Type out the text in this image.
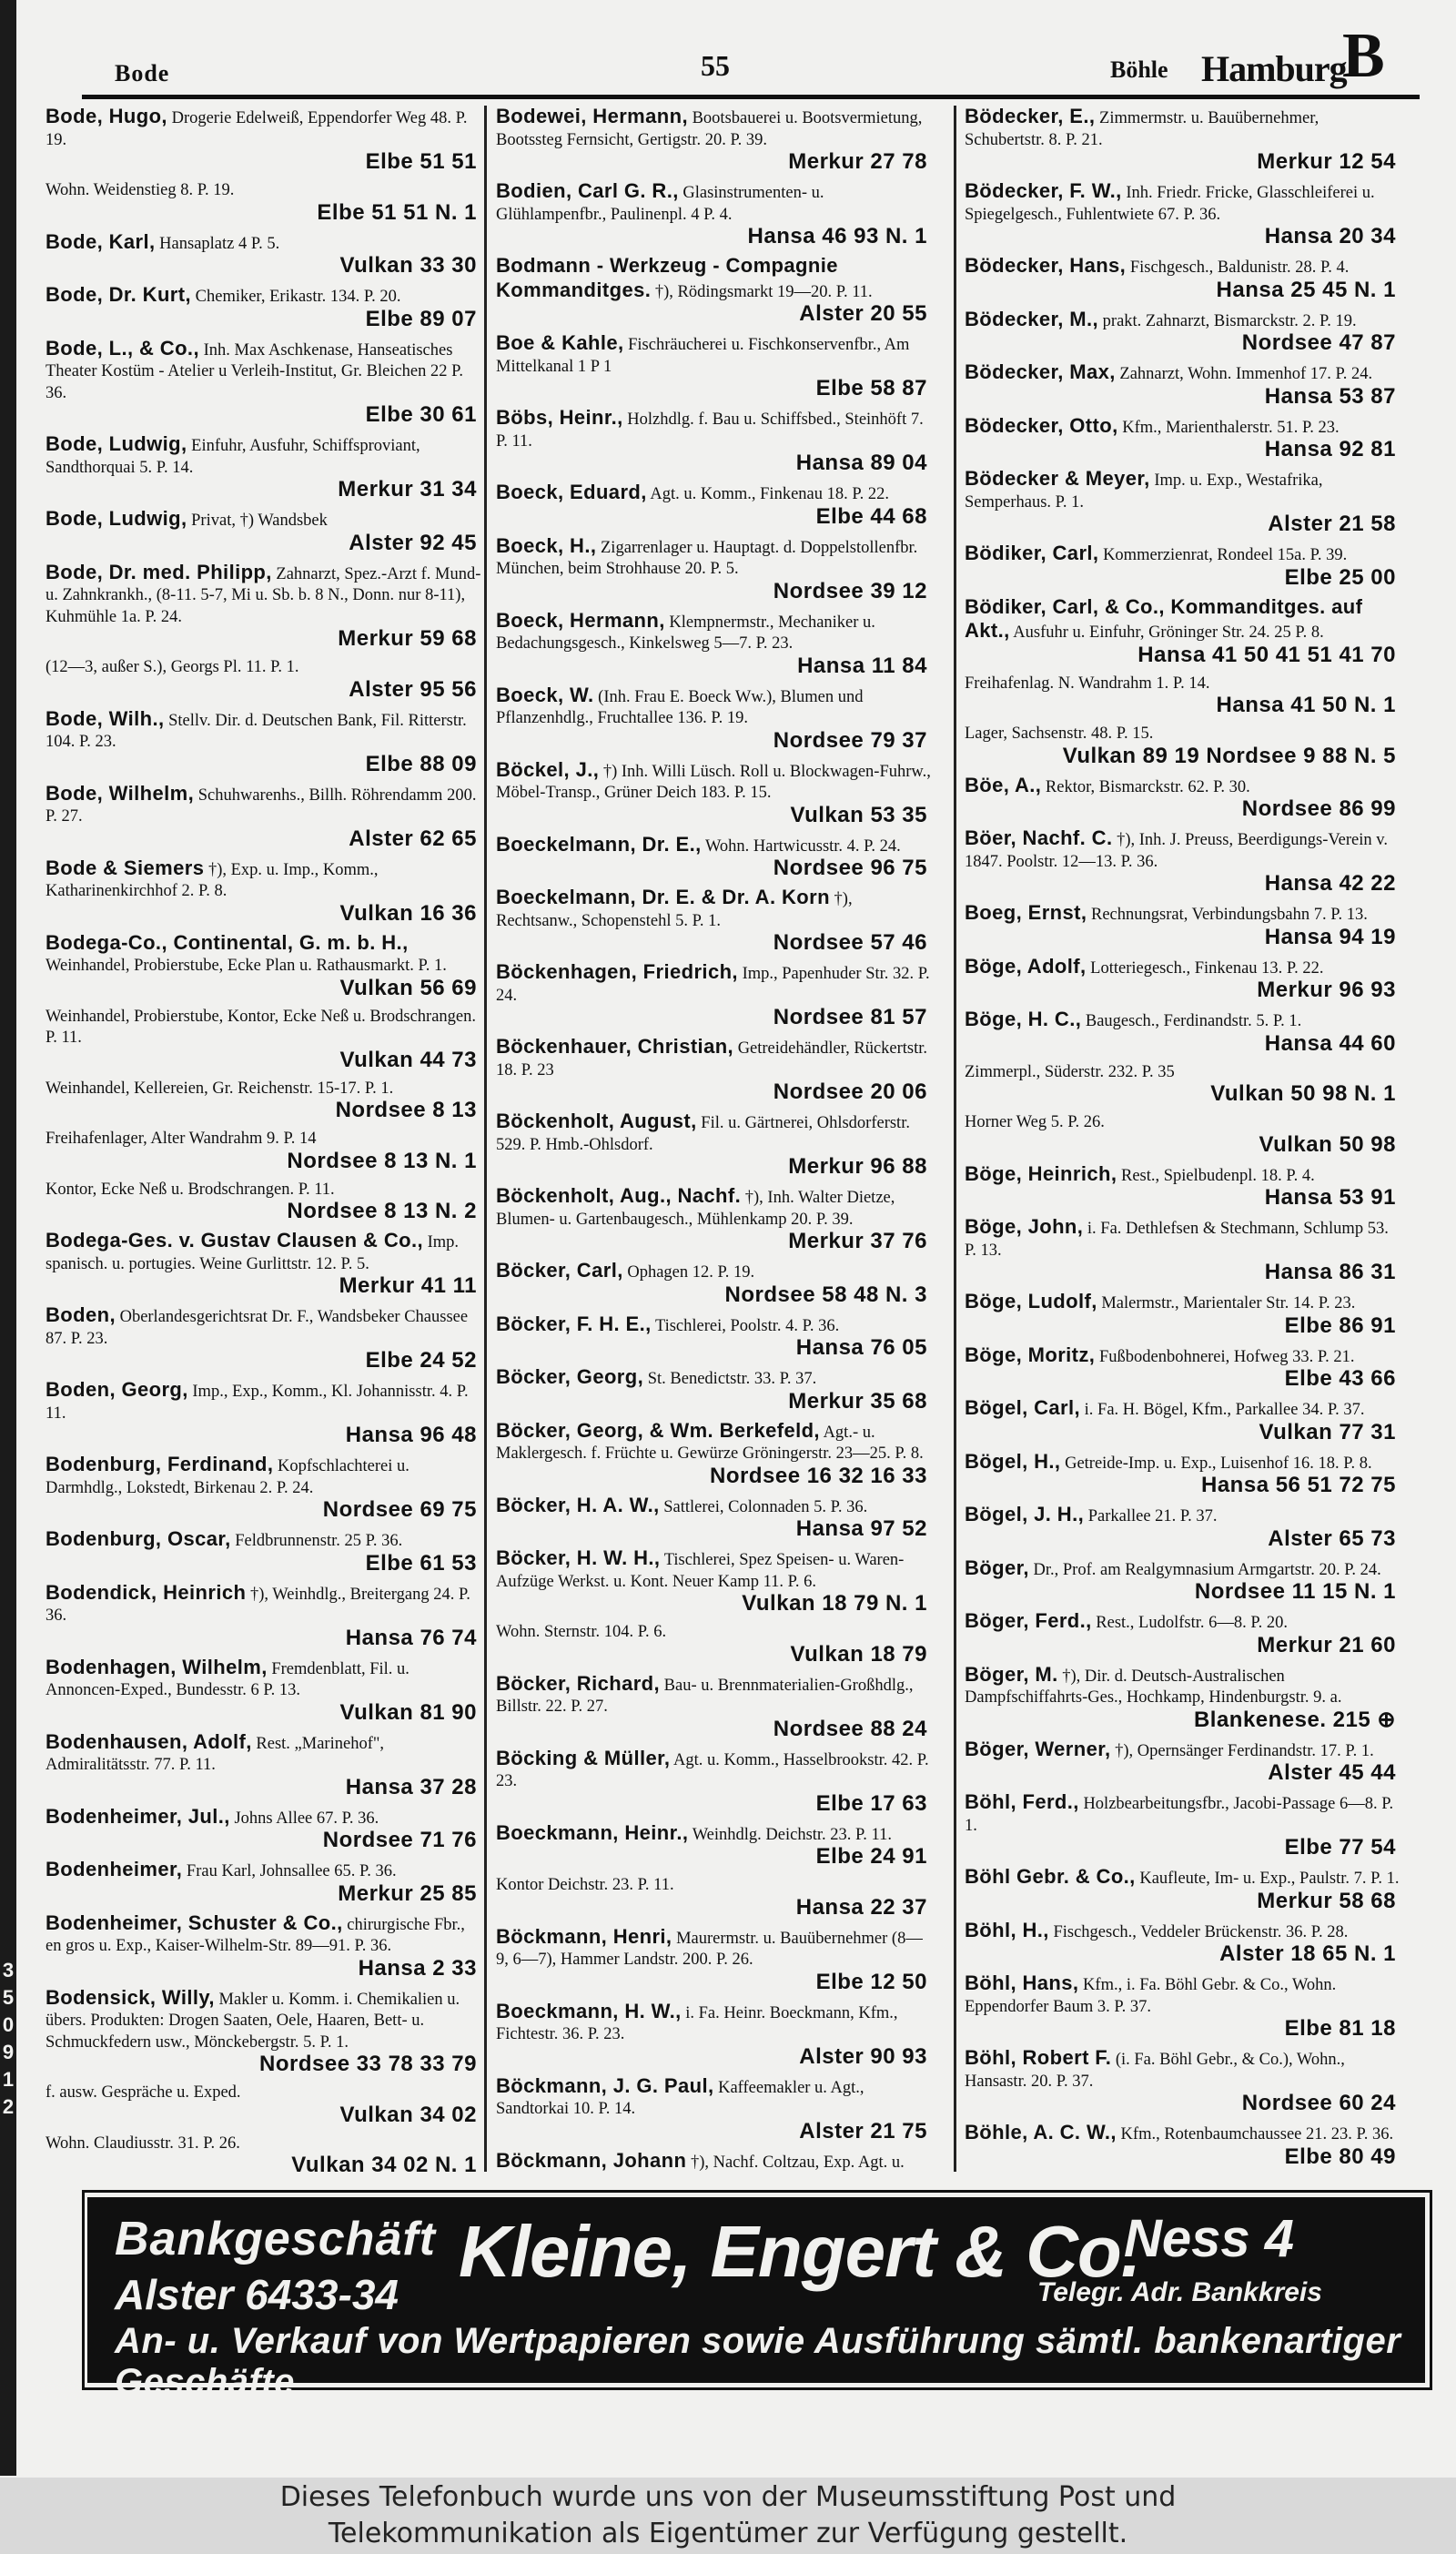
3
5
0
9
1
2
Bode	55	Böhle Hamburg
B
Bode, Hugo, Drogerie Edelweiß, Eppendorfer Weg 48. P. 19.
Elbe 51 51
Wohn. Weidenstieg 8. P. 19.
Elbe 51 51 N. 1
Bode, Karl, Hansaplatz 4 P. 5.
Vulkan 33 30
Bode, Dr. Kurt, Chemiker, Erikastr. 134. P. 20.
Elbe 89 07
Bode, L., & Co., Inh. Max Aschkenase, Hanseatisches Theater Kostüm - Atelier u Verleih-Institut, Gr. Bleichen 22 P. 36.
Elbe 30 61
Bode, Ludwig, Einfuhr, Ausfuhr, Schiffsproviant, Sandthorquai 5. P. 14.
Merkur 31 34
Bode, Ludwig, Privat, †) Wandsbek
Alster 92 45
Bode, Dr. med. Philipp, Zahnarzt, Spez.-Arzt f. Mund- u. Zahnkrankh., (8-11. 5-7, Mi u. Sb. b. 8 N., Donn. nur 8-11), Kuhmühle 1a. P. 24.
Merkur 59 68
(12—3, außer S.), Georgs Pl. 11. P. 1.
Alster 95 56
Bode, Wilh., Stellv. Dir. d. Deutschen Bank, Fil. Ritterstr. 104. P. 23.
Elbe 88 09
Bode, Wilhelm, Schuhwarenhs., Billh. Röhrendamm 200. P. 27.
Alster 62 65
Bode & Siemers †), Exp. u. Imp., Komm., Katharinenkirchhof 2. P. 8.
Vulkan 16 36
Bodega-Co., Continental, G. m. b. H., Weinhandel, Probierstube, Ecke Plan u. Rathausmarkt. P. 1.
Vulkan 56 69
Weinhandel, Probierstube, Kontor, Ecke Neß u. Brodschrangen. P. 11.
Vulkan 44 73
Weinhandel, Kellereien, Gr. Reichenstr. 15-17. P. 1.
Nordsee 8 13
Freihafenlager, Alter Wandrahm 9. P. 14
Nordsee 8 13 N. 1
Kontor, Ecke Neß u. Brodschrangen. P. 11.
Nordsee 8 13 N. 2
Bodega-Ges. v. Gustav Clausen & Co., Imp. spanisch. u. portugies. Weine Gurlittstr. 12. P. 5.
Merkur 41 11
Boden, Oberlandesgerichtsrat Dr. F., Wandsbeker Chaussee 87. P. 23.
Elbe 24 52
Boden, Georg, Imp., Exp., Komm., Kl. Johannisstr. 4. P. 11.
Hansa 96 48
Bodenburg, Ferdinand, Kopfschlachterei u. Darmhdlg., Lokstedt, Birkenau 2. P. 24.
Nordsee 69 75
Bodenburg, Oscar, Feldbrunnenstr. 25 P. 36.
Elbe 61 53
Bodendick, Heinrich †), Weinhdlg., Breitergang 24. P. 36.
Hansa 76 74
Bodenhagen, Wilhelm, Fremdenblatt, Fil. u. Annoncen-Exped., Bundesstr. 6 P. 13.
Vulkan 81 90
Bodenhausen, Adolf, Rest. „Marinehof", Admiralitätsstr. 77. P. 11.
Hansa 37 28
Bodenheimer, Jul., Johns Allee 67. P. 36.
Nordsee 71 76
Bodenheimer, Frau Karl, Johnsallee 65. P. 36.
Merkur 25 85
Bodenheimer, Schuster & Co., chirurgische Fbr., en gros u. Exp., Kaiser-Wilhelm-Str. 89—91. P. 36.
Hansa 2 33
Bodensick, Willy, Makler u. Komm. i. Chemikalien u. übers. Produkten: Drogen Saaten, Oele, Haaren, Bett- u. Schmuckfedern usw., Mönckebergstr. 5. P. 1.
Nordsee 33 78 33 79
f. ausw. Gespräche u. Exped.
Vulkan 34 02
Wohn. Claudiusstr. 31. P. 26.
Vulkan 34 02 N. 1
Bodewei, Hermann, Bootsbauerei u. Bootsvermietung, Bootssteg Fernsicht, Gertigstr. 20. P. 39.
Merkur 27 78
Bodien, Carl G. R., Glasinstrumenten- u. Glühlampenfbr., Paulinenpl. 4 P. 4.
Hansa 46 93 N. 1
Bodmann - Werkzeug - Compagnie Kommanditges. †), Rödingsmarkt 19—20. P. 11.
Alster 20 55
Boe & Kahle, Fischräucherei u. Fischkonservenfbr., Am Mittelkanal 1 P 1
Elbe 58 87
Böbs, Heinr., Holzhdlg. f. Bau u. Schiffsbed., Steinhöft 7. P. 11.
Hansa 89 04
Boeck, Eduard, Agt. u. Komm., Finkenau 18. P. 22.
Elbe 44 68
Boeck, H., Zigarrenlager u. Hauptagt. d. Doppelstollenfbr. München, beim Strohhause 20. P. 5.
Nordsee 39 12
Boeck, Hermann, Klempnermstr., Mechaniker u. Bedachungsgesch., Kinkelsweg 5—7. P. 23.
Hansa 11 84
Boeck, W. (Inh. Frau E. Boeck Ww.), Blumen und Pflanzenhdlg., Fruchtallee 136. P. 19.
Nordsee 79 37
Böckel, J., †) Inh. Willi Lüsch. Roll u. Blockwagen-Fuhrw., Möbel-Transp., Grüner Deich 183. P. 15.
Vulkan 53 35
Boeckelmann, Dr. E., Wohn. Hartwicusstr. 4. P. 24.
Nordsee 96 75
Boeckelmann, Dr. E. & Dr. A. Korn †), Rechtsanw., Schopenstehl 5. P. 1.
Nordsee 57 46
Böckenhagen, Friedrich, Imp., Papenhuder Str. 32. P. 24.
Nordsee 81 57
Böckenhauer, Christian, Getreidehändler, Rückertstr. 18. P. 23
Nordsee 20 06
Böckenholt, August, Fil. u. Gärtnerei, Ohlsdorferstr. 529. P. Hmb.-Ohlsdorf.
Merkur 96 88
Böckenholt, Aug., Nachf. †), Inh. Walter Dietze, Blumen- u. Gartenbaugesch., Mühlenkamp 20. P. 39.
Merkur 37 76
Böcker, Carl, Ophagen 12. P. 19.
Nordsee 58 48 N. 3
Böcker, F. H. E., Tischlerei, Poolstr. 4. P. 36.
Hansa 76 05
Böcker, Georg, St. Benedictstr. 33. P. 37.
Merkur 35 68
Böcker, Georg, & Wm. Berkefeld, Agt.- u. Maklergesch. f. Früchte u. Gewürze Gröningerstr. 23—25. P. 8.
Nordsee 16 32 16 33
Böcker, H. A. W., Sattlerei, Colonnaden 5. P. 36.
Hansa 97 52
Böcker, H. W. H., Tischlerei, Spez Speisen- u. Waren-Aufzüge Werkst. u. Kont. Neuer Kamp 11. P. 6.
Vulkan 18 79 N. 1
Wohn. Sternstr. 104. P. 6.
Vulkan 18 79
Böcker, Richard, Bau- u. Brennmaterialien-Großhdlg., Billstr. 22. P. 27.
Nordsee 88 24
Böcking & Müller, Agt. u. Komm., Hasselbrookstr. 42. P. 23.
Elbe 17 63
Boeckmann, Heinr., Weinhdlg. Deichstr. 23. P. 11.
Elbe 24 91
Kontor Deichstr. 23. P. 11.
Hansa 22 37
Böckmann, Henri, Maurermstr. u. Bauübernehmer (8—9, 6—7), Hammer Landstr. 200. P. 26.
Elbe 12 50
Boeckmann, H. W., i. Fa. Heinr. Boeckmann, Kfm., Fichtestr. 36. P. 23.
Alster 90 93
Böckmann, J. G. Paul, Kaffeemakler u. Agt., Sandtorkai 10. P. 14.
Alster 21 75
Böckmann, Johann †), Nachf. Coltzau, Exp. Agt. u.
Bödecker, E., Zimmermstr. u. Bauübernehmer, Schubertstr. 8. P. 21.
Merkur 12 54
Bödecker, F. W., Inh. Friedr. Fricke, Glasschleiferei u. Spiegelgesch., Fuhlentwiete 67. P. 36.
Hansa 20 34
Bödecker, Hans, Fischgesch., Baldunistr. 28. P. 4.
Hansa 25 45 N. 1
Bödecker, M., prakt. Zahnarzt, Bismarckstr. 2. P. 19.
Nordsee 47 87
Bödecker, Max, Zahnarzt, Wohn. Immenhof 17. P. 24.
Hansa 53 87
Bödecker, Otto, Kfm., Marienthalerstr. 51. P. 23.
Hansa 92 81
Bödecker & Meyer, Imp. u. Exp., Westafrika, Semperhaus. P. 1.
Alster 21 58
Bödiker, Carl, Kommerzienrat, Rondeel 15a. P. 39.
Elbe 25 00
Bödiker, Carl, & Co., Kommanditges. auf Akt., Ausfuhr u. Einfuhr, Gröninger Str. 24. 25 P. 8.
Hansa 41 50 41 51 41 70
Freihafenlag. N. Wandrahm 1. P. 14.
Hansa 41 50 N. 1
Lager, Sachsenstr. 48. P. 15.
Vulkan 89 19 Nordsee 9 88 N. 5
Böe, A., Rektor, Bismarckstr. 62. P. 30.
Nordsee 86 99
Böer, Nachf. C. †), Inh. J. Preuss, Beerdigungs-Verein v. 1847. Poolstr. 12—13. P. 36.
Hansa 42 22
Boeg, Ernst, Rechnungsrat, Verbindungsbahn 7. P. 13.
Hansa 94 19
Böge, Adolf, Lotteriegesch., Finkenau 13. P. 22.
Merkur 96 93
Böge, H. C., Baugesch., Ferdinandstr. 5. P. 1.
Hansa 44 60
Zimmerpl., Süderstr. 232. P. 35
Vulkan 50 98 N. 1
Horner Weg 5. P. 26.
Vulkan 50 98
Böge, Heinrich, Rest., Spielbudenpl. 18. P. 4.
Hansa 53 91
Böge, John, i. Fa. Dethlefsen & Stechmann, Schlump 53. P. 13.
Hansa 86 31
Böge, Ludolf, Malermstr., Marientaler Str. 14. P. 23.
Elbe 86 91
Böge, Moritz, Fußbodenbohnerei, Hofweg 33. P. 21.
Elbe 43 66
Bögel, Carl, i. Fa. H. Bögel, Kfm., Parkallee 34. P. 37.
Vulkan 77 31
Bögel, H., Getreide-Imp. u. Exp., Luisenhof 16. 18. P. 8.
Hansa 56 51 72 75
Bögel, J. H., Parkallee 21. P. 37.
Alster 65 73
Böger, Dr., Prof. am Realgymnasium Armgartstr. 20. P. 24.
Nordsee 11 15 N. 1
Böger, Ferd., Rest., Ludolfstr. 6—8. P. 20.
Merkur 21 60
Böger, M. †), Dir. d. Deutsch-Australischen Dampfschiffahrts-Ges., Hochkamp, Hindenburgstr. 9. a.
Blankenese. 215 ⊕
Böger, Werner, †), Opernsänger Ferdinandstr. 17. P. 1.
Alster 45 44
Böhl, Ferd., Holzbearbeitungsfbr., Jacobi-Passage 6—8. P. 1.
Elbe 77 54
Böhl Gebr. & Co., Kaufleute, Im- u. Exp., Paulstr. 7. P. 1.
Merkur 58 68
Böhl, H., Fischgesch., Veddeler Brückenstr. 36. P. 28.
Alster 18 65 N. 1
Böhl, Hans, Kfm., i. Fa. Böhl Gebr. & Co., Wohn. Eppendorfer Baum 3. P. 37.
Elbe 81 18
Böhl, Robert F. (i. Fa. Böhl Gebr., & Co.), Wohn., Hansastr. 20. P. 37.
Nordsee 60 24
Böhle, A. C. W., Kfm., Rotenbaumchaussee 21. 23. P. 36.
Elbe 80 49
Bankgeschäft Kleine, Engert & Co.
Ness 4
Alster 6433-34	Telegr. Adr. Bankkreis
An- u. Verkauf von Wertpapieren sowie Ausführung sämtl. bankenartiger Geschäfte
Dieses Telefonbuch wurde uns von der Museumsstiftung Post und
Telekommunikation als Eigentümer zur Verfügung gestellt.
